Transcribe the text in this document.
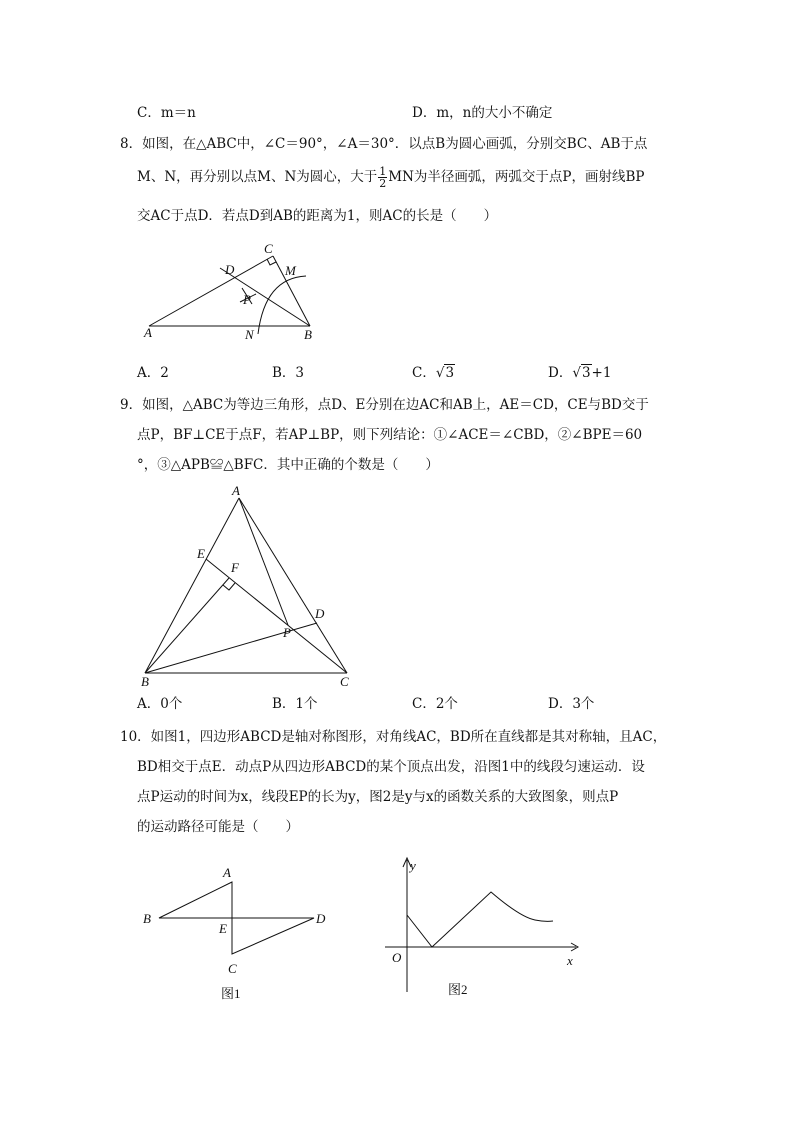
C．m＝n	D．m，n的大小不确定
8．如图，在△ABC中，∠C＝90°，∠A＝30°．以点B为圆心画弧，分别交BC、AB于点
M、N，再分别以点M、N为圆心，大于 $\frac{1}{2}$ MN为半径画弧，两弧交于点P，画射线BP
交AC于点D．若点D到AB的距离为1，则AC的长是（　　）
C
D	M
P
A	N	B
A．2	B．3	C．√3	D．√3+1
9．如图，△ABC为等边三角形，点D、E分别在边AC和AB上，AE＝CD，CE与BD交于
点P，BF⊥CE于点F，若AP⊥BP，则下列结论：①∠ACE＝∠CBD，②∠BPE＝60
°，③△APB≌△BFC．其中正确的个数是（　　）
A
E
F
D
P
B	C
A．0个	B．1个	C．2个	D．3个
10．如图1，四边形ABCD是轴对称图形，对角线AC，BD所在直线都是其对称轴，且AC，
BD相交于点E．动点P从四边形ABCD的某个顶点出发，沿图1中的线段匀速运动．设
点P运动的时间为x，线段EP的长为y，图2是y与x的函数关系的大致图象，则点P
的运动路径可能是（　　）
A
B	D
E
C
图1
y
O	x
图2
